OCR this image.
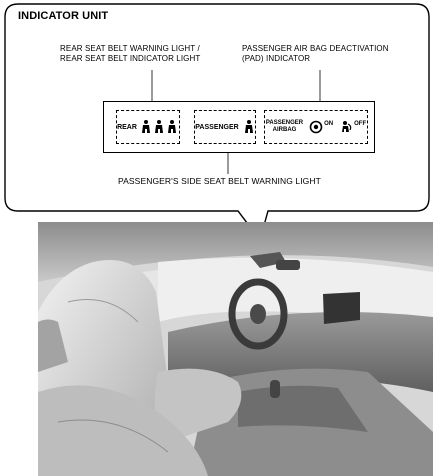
INDICATOR UNIT
REAR SEAT BELT WARNING LIGHT /
REAR SEAT BELT INDICATOR LIGHT
PASSENGER AIR BAG DEACTIVATION
(PAD) INDICATOR
PASSENGER'S SIDE SEAT BELT WARNING LIGHT
REAR	PASSENGER
PASSENGER
AIRBAG
ON	OFF
